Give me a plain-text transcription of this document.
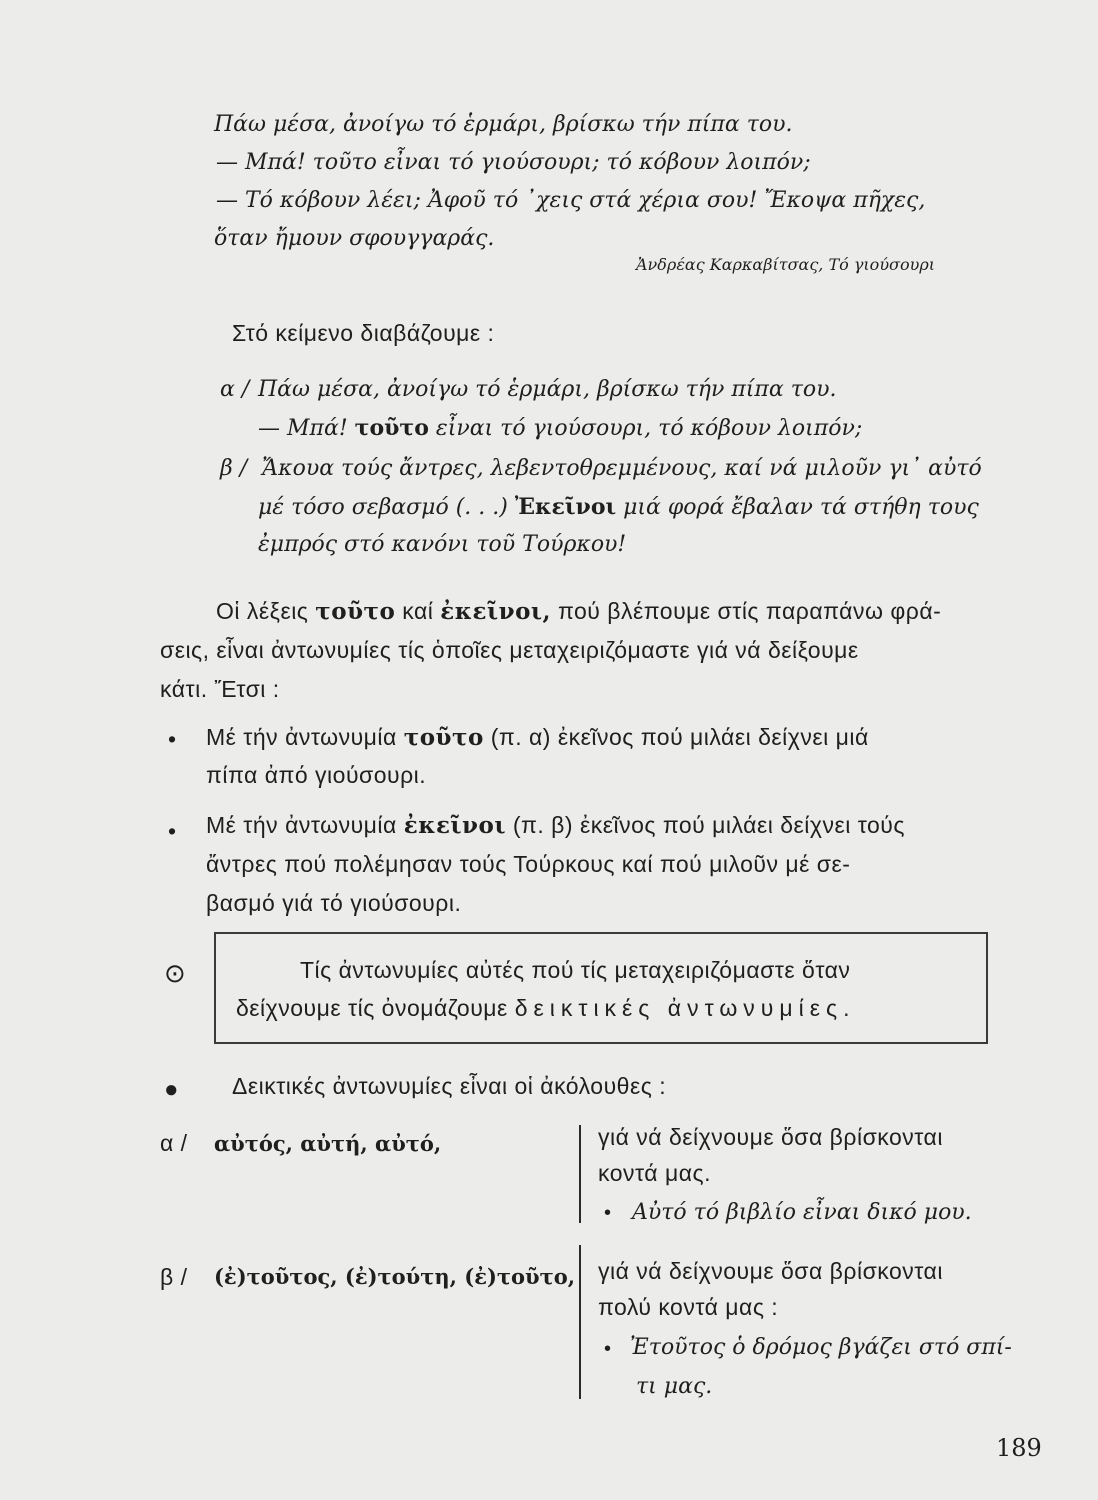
Πάω μέσα, ἀνοίγω τό ἑρμάρι, βρίσκω τήν πίπα του.
— Μπά! τοῦτο εἶναι τό γιούσουρι; τό κόβουν λοιπόν;
— Τό κόβουν λέει; Ἀφοῦ τό ᾽χεις στά χέρια σου! Ἔκοψα πῆχες,
ὅταν ἤμουν σφουγγαράς.
Ἀνδρέας Καρκαβίτσας, Τό γιούσουρι
Στό κείμενο διαβάζουμε :
α / Πάω μέσα, ἀνοίγω τό ἑρμάρι, βρίσκω τήν πίπα του.
— Μπά! τοῦτο εἶναι τό γιούσουρι, τό κόβουν λοιπόν;
β / Ἄκουα τούς ἄντρες, λεβεντοθρεμμένους, καί νά μιλοῦν γι᾽ αὐτό
μέ τόσο σεβασμό (. . .) Ἐκεῖνοι μιά φορά ἔβαλαν τά στήθη τους
ἐμπρός στό κανόνι τοῦ Τούρκου!
Οἱ λέξεις τοῦτο καί ἐκεῖνοι, πού βλέπουμε στίς παραπάνω φρά-
σεις, εἶναι ἀντωνυμίες τίς ὁποῖες μεταχειριζόμαστε γιά νά δείξουμε
κάτι. Ἔτσι :
• Μέ τήν ἀντωνυμία τοῦτο (π. α) ἐκεῖνος πού μιλάει δείχνει μιά
πίπα ἀπό γιούσουρι.
• Μέ τήν ἀντωνυμία ἐκεῖνοι (π. β) ἐκεῖνος πού μιλάει δείχνει τούς
ἄντρες πού πολέμησαν τούς Τούρκους καί πού μιλοῦν μέ σε-
βασμό γιά τό γιούσουρι.
⊙	Τίς ἀντωνυμίες αὐτές πού τίς μεταχειριζόμαστε ὅταν
δείχνουμε τίς ὀνομάζουμε δεικτικές ἀντωνυμίες.
● Δεικτικές ἀντωνυμίες εἶναι οἱ ἀκόλουθες :
α / αὐτός, αὐτή, αὐτό,	γιά νά δείχνουμε ὅσα βρίσκονται
κοντά μας.
• Αὐτό τό βιβλίο εἶναι δικό μου.
β / (ἐ)τοῦτος, (ἐ)τούτη, (ἐ)τοῦτο, γιά νά δείχνουμε ὅσα βρίσκονται
πολύ κοντά μας :
• Ἐτοῦτος ὁ δρόμος βγάζει στό σπί-
τι μας.
189
